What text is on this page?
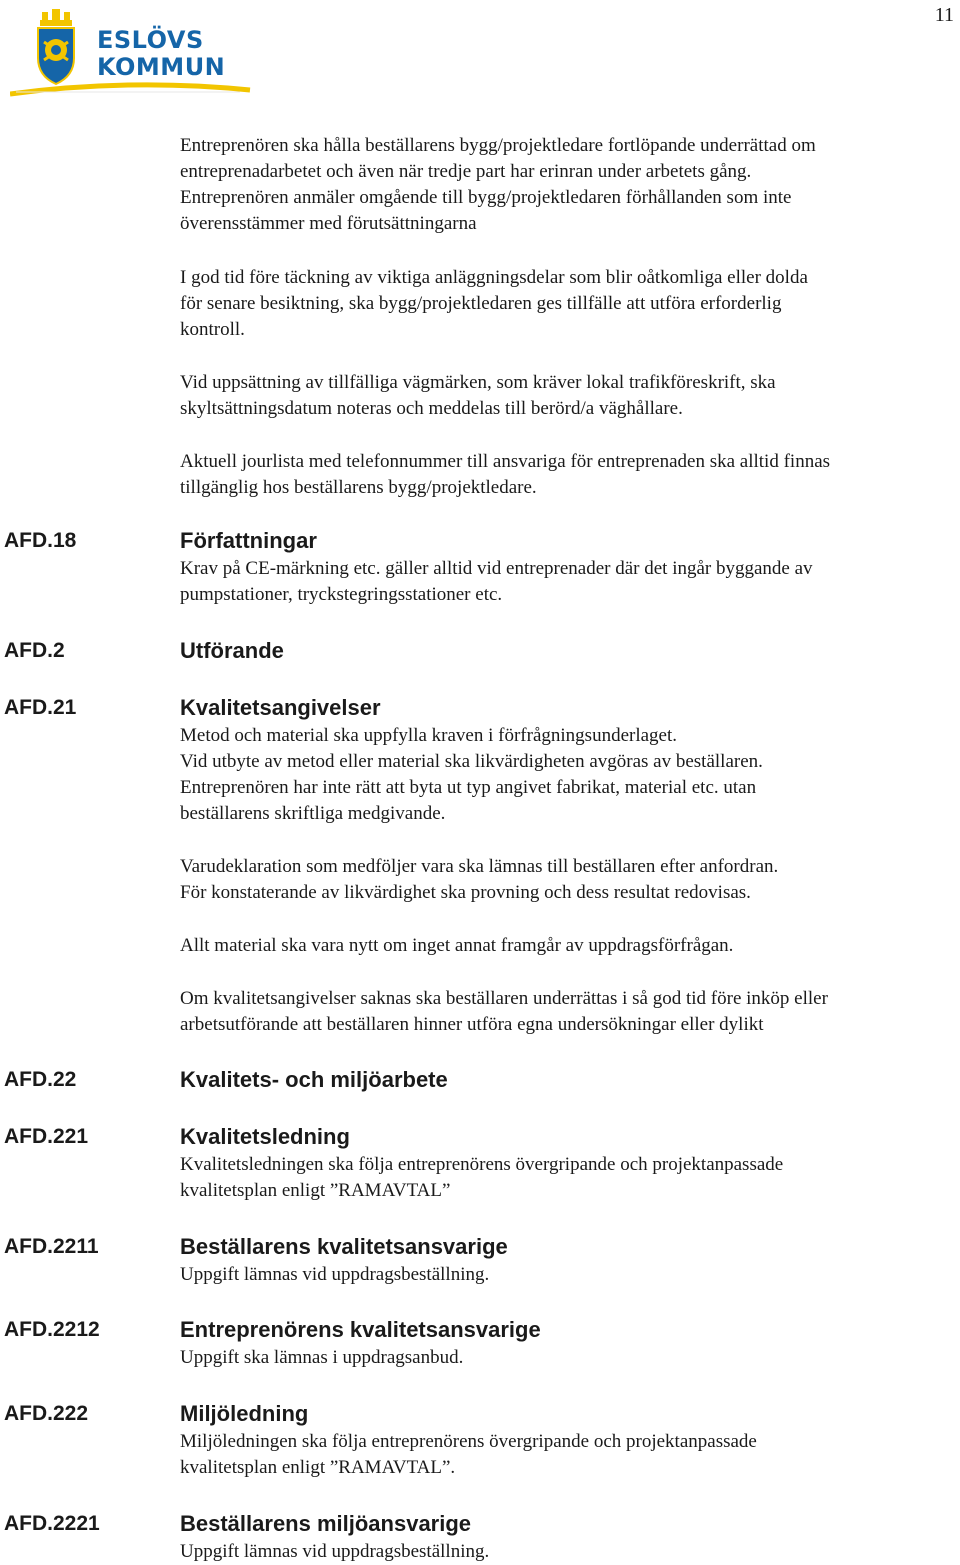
11
ESLÖVS
KOMMUN
Entreprenören ska hålla beställarens bygg/projektledare fortlöpande underrättad om
entreprenadarbetet och även när tredje part har erinran under arbetets gång.
Entreprenören anmäler omgående till bygg/projektledaren förhållanden som inte
överensstämmer med förutsättningarna
I god tid före täckning av viktiga anläggningsdelar som blir oåtkomliga eller dolda
för senare besiktning, ska bygg/projektledaren ges tillfälle att utföra erforderlig
kontroll.
Vid uppsättning av tillfälliga vägmärken, som kräver lokal trafikföreskrift, ska
skyltsättningsdatum noteras och meddelas till berörd/a väghållare.
Aktuell jourlista med telefonnummer till ansvariga för entreprenaden ska alltid finnas
tillgänglig hos beställarens bygg/projektledare.
AFD.18	Författningar
Krav på CE-märkning etc. gäller alltid vid entreprenader där det ingår byggande av
pumpstationer, tryckstegringsstationer etc.
AFD.2	Utförande
AFD.21	Kvalitetsangivelser
Metod och material ska uppfylla kraven i förfrågningsunderlaget.
Vid utbyte av metod eller material ska likvärdigheten avgöras av beställaren.
Entreprenören har inte rätt att byta ut typ angivet fabrikat, material etc. utan
beställarens skriftliga medgivande.
Varudeklaration som medföljer vara ska lämnas till beställaren efter anfordran.
För konstaterande av likvärdighet ska provning och dess resultat redovisas.
Allt material ska vara nytt om inget annat framgår av uppdragsförfrågan.
Om kvalitetsangivelser saknas ska beställaren underrättas i så god tid före inköp eller
arbetsutförande att beställaren hinner utföra egna undersökningar eller dylikt
AFD.22	Kvalitets- och miljöarbete
AFD.221	Kvalitetsledning
Kvalitetsledningen ska följa entreprenörens övergripande och projektanpassade
kvalitetsplan enligt ”RAMAVTAL”
AFD.2211	Beställarens kvalitetsansvarige
Uppgift lämnas vid uppdragsbeställning.
AFD.2212	Entreprenörens kvalitetsansvarige
Uppgift ska lämnas i uppdragsanbud.
AFD.222	Miljöledning
Miljöledningen ska följa entreprenörens övergripande och projektanpassade
kvalitetsplan enligt ”RAMAVTAL”.
AFD.2221	Beställarens miljöansvarige
Uppgift lämnas vid uppdragsbeställning.
